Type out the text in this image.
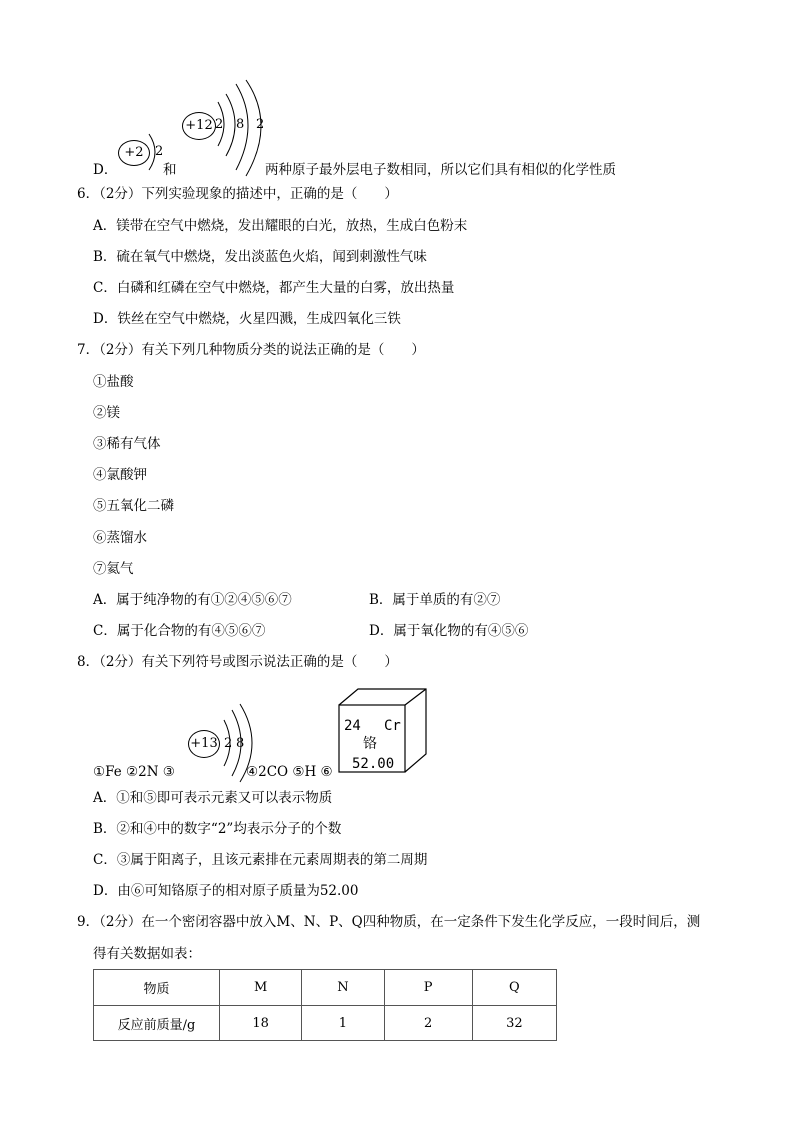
D．
+2 2
和
+12 2 8 2
两种原子最外层电子数相同，所以它们具有相似的化学性质
6．（2分）下列实验现象的描述中，正确的是（　　）
A．镁带在空气中燃烧，发出耀眼的白光，放热，生成白色粉末
B．硫在氧气中燃烧，发出淡蓝色火焰，闻到刺激性气味
C．白磷和红磷在空气中燃烧，都产生大量的白雾，放出热量
D．铁丝在空气中燃烧，火星四溅，生成四氧化三铁
7．（2分）有关下列几种物质分类的说法正确的是（　　）
①盐酸
②镁
③稀有气体
④氯酸钾
⑤五氧化二磷
⑥蒸馏水
⑦氦气
A．属于纯净物的有①②④⑤⑥⑦	B．属于单质的有②⑦
C．属于化合物的有④⑤⑥⑦	D．属于氧化物的有④⑤⑥
8．（2分）有关下列符号或图示说法正确的是（　　）
①Fe ②2N ③
+13 2 8
④2CO ⑤H ⑥
24 Cr
铬
52.00
A．①和⑤即可表示元素又可以表示物质
B．②和④中的数字“2”均表示分子的个数
C．③属于阳离子，且该元素排在元素周期表的第二周期
D．由⑥可知铬原子的相对原子质量为52.00
9．（2分）在一个密闭容器中放入M、N、P、Q四种物质，在一定条件下发生化学反应，一段时间后，测
得有关数据如表：
物质	M	N	P	Q
反应前质量/g	18	1	2	32
